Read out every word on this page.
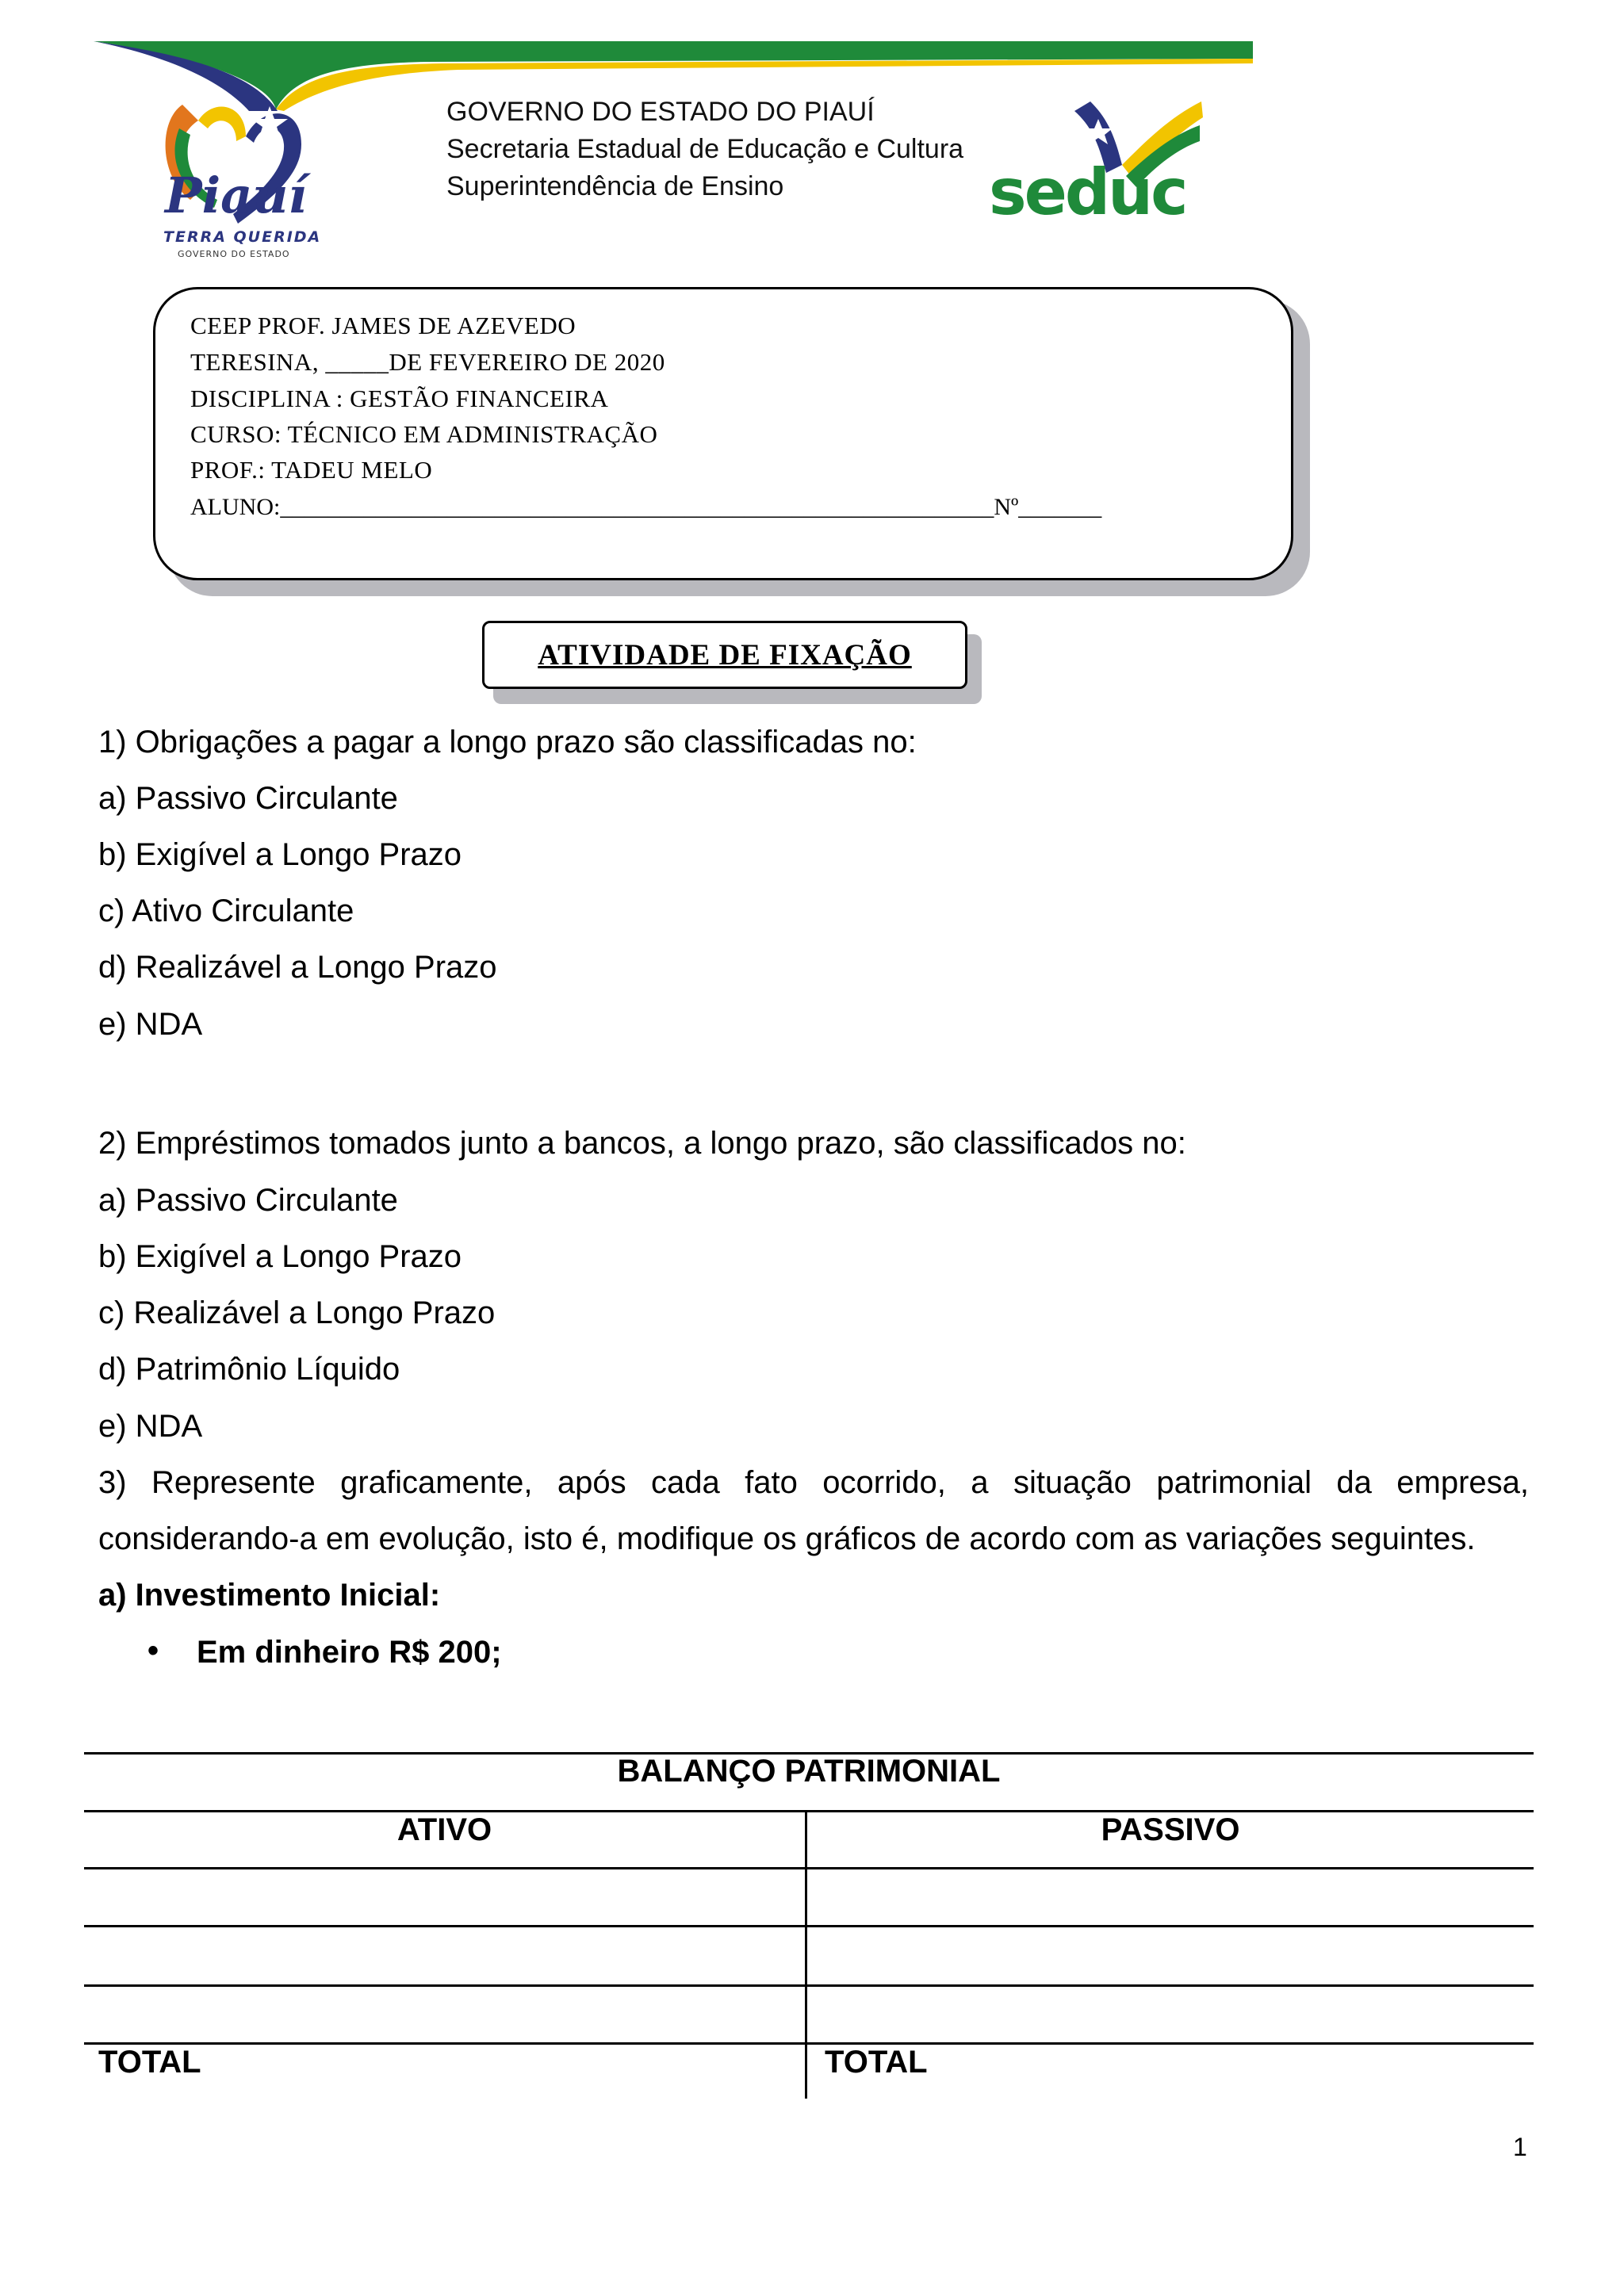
Piauí
TERRA QUERIDA
GOVERNO DO ESTADO
GOVERNO DO ESTADO DO PIAUÍ
Secretaria Estadual de Educação e Cultura
Superintendência de Ensino	seduc
CEEP PROF. JAMES DE AZEVEDO
TERESINA, _____DE FEVEREIRO DE 2020
DISCIPLINA : GESTÃO FINANCEIRA
CURSO: TÉCNICO EM ADMINISTRAÇÃO
PROF.: TADEU MELO
ALUNO:____________________________________________________________Nº_______
ATIVIDADE DE FIXAÇÃO
1) Obrigações a pagar a longo prazo são classificadas no:
a) Passivo Circulante
b) Exigível a Longo Prazo
c) Ativo Circulante
d) Realizável a Longo Prazo
e) NDA
2) Empréstimos tomados junto a bancos, a longo prazo, são classificados no:
a) Passivo Circulante
b) Exigível a Longo Prazo
c) Realizável a Longo Prazo
d) Patrimônio Líquido
e) NDA
3) Represente graficamente, após cada fato ocorrido, a situação patrimonial da empresa, considerando-a em evolução, isto é, modifique os gráficos de acordo com as variações seguintes.
a) Investimento Inicial:
• Em dinheiro R$ 200;
BALANÇO PATRIMONIAL
ATIVO	PASSIVO
TOTAL	TOTAL
1
